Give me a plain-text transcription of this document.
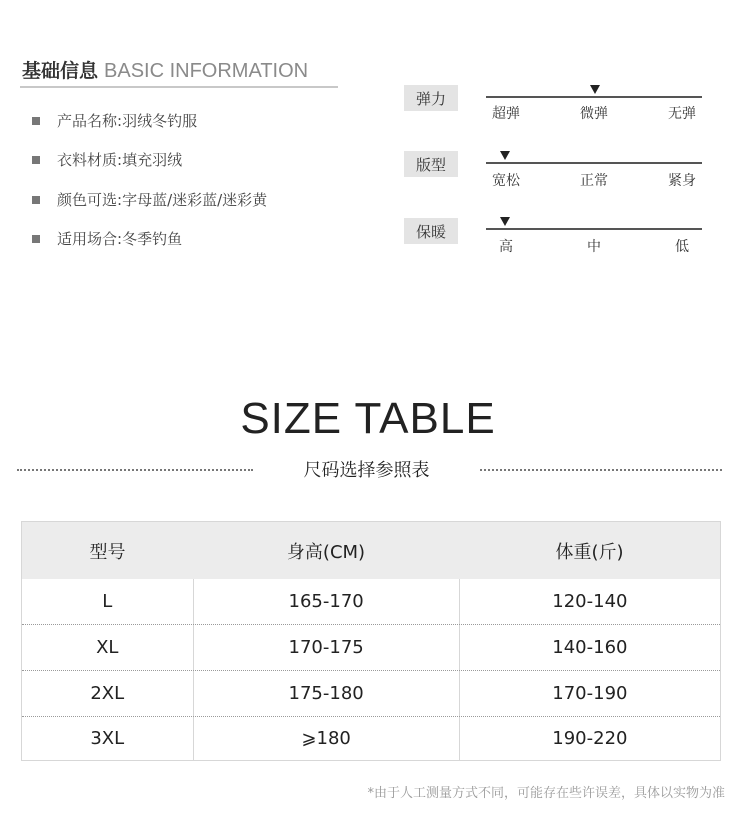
基础信息 BASIC INFORMATION
产品名称: 羽绒冬钓服
衣料材质: 填充羽绒
颜色可选: 字母蓝/迷彩蓝/迷彩黄
适用场合: 冬季钓鱼
弹力
超弹	微弹	无弹
版型
宽松	正常	紧身
保暖
高	中	低
SIZE TABLE
尺码选择参照表
型号	身高(CM)	体重(斤)
L	165-170	120-140
XL	170-175	140-160
2XL	175-180	170-190
3XL	⩾180	190-220
*由于人工测量方式不同，可能存在些许误差，具体以实物为准
